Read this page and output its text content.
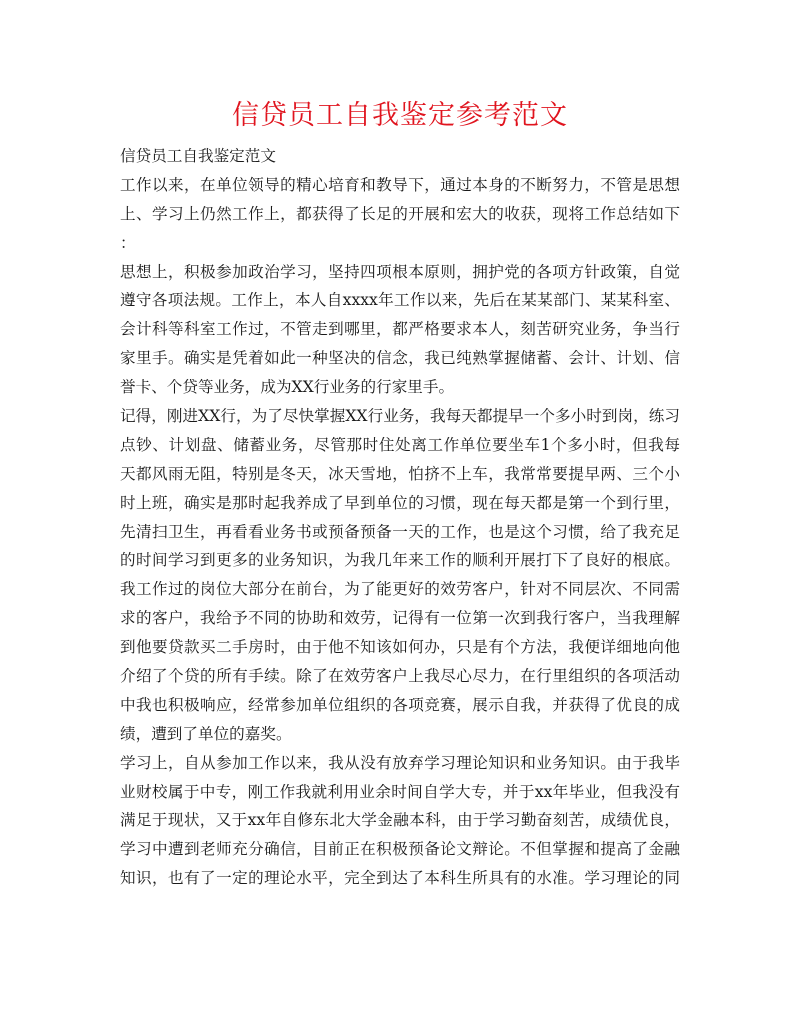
信贷员工自我鉴定参考范文
信贷员工自我鉴定范文
工作以来，在单位领导的精心培育和教导下，通过本身的不断努力，不管是思想
上、学习上仍然工作上，都获得了长足的开展和宏大的收获，现将工作总结如下
：
思想上，积极参加政治学习，坚持四项根本原则，拥护党的各项方针政策，自觉
遵守各项法规。工作上，本人自xxxx年工作以来，先后在某某部门、某某科室、
会计科等科室工作过，不管走到哪里，都严格要求本人，刻苦研究业务，争当行
家里手。确实是凭着如此一种坚决的信念，我已纯熟掌握储蓄、会计、计划、信
誉卡、个贷等业务，成为XX行业务的行家里手。
记得，刚进XX行，为了尽快掌握XX行业务，我每天都提早一个多小时到岗，练习
点钞、计划盘、储蓄业务，尽管那时住处离工作单位要坐车1个多小时，但我每
天都风雨无阻，特别是冬天，冰天雪地，怕挤不上车，我常常要提早两、三个小
时上班，确实是那时起我养成了早到单位的习惯，现在每天都是第一个到行里，
先清扫卫生，再看看业务书或预备预备一天的工作，也是这个习惯，给了我充足
的时间学习到更多的业务知识，为我几年来工作的顺利开展打下了良好的根底。
我工作过的岗位大部分在前台，为了能更好的效劳客户，针对不同层次、不同需
求的客户，我给予不同的协助和效劳，记得有一位第一次到我行客户，当我理解
到他要贷款买二手房时，由于他不知该如何办，只是有个方法，我便详细地向他
介绍了个贷的所有手续。除了在效劳客户上我尽心尽力，在行里组织的各项活动
中我也积极响应，经常参加单位组织的各项竞赛，展示自我，并获得了优良的成
绩，遭到了单位的嘉奖。
学习上，自从参加工作以来，我从没有放弃学习理论知识和业务知识。由于我毕
业财校属于中专，刚工作我就利用业余时间自学大专，并于xx年毕业，但我没有
满足于现状，又于xx年自修东北大学金融本科，由于学习勤奋刻苦，成绩优良，
学习中遭到老师充分确信，目前正在积极预备论文辩论。不但掌握和提高了金融
知识，也有了一定的理论水平，完全到达了本科生所具有的水准。学习理论的同
